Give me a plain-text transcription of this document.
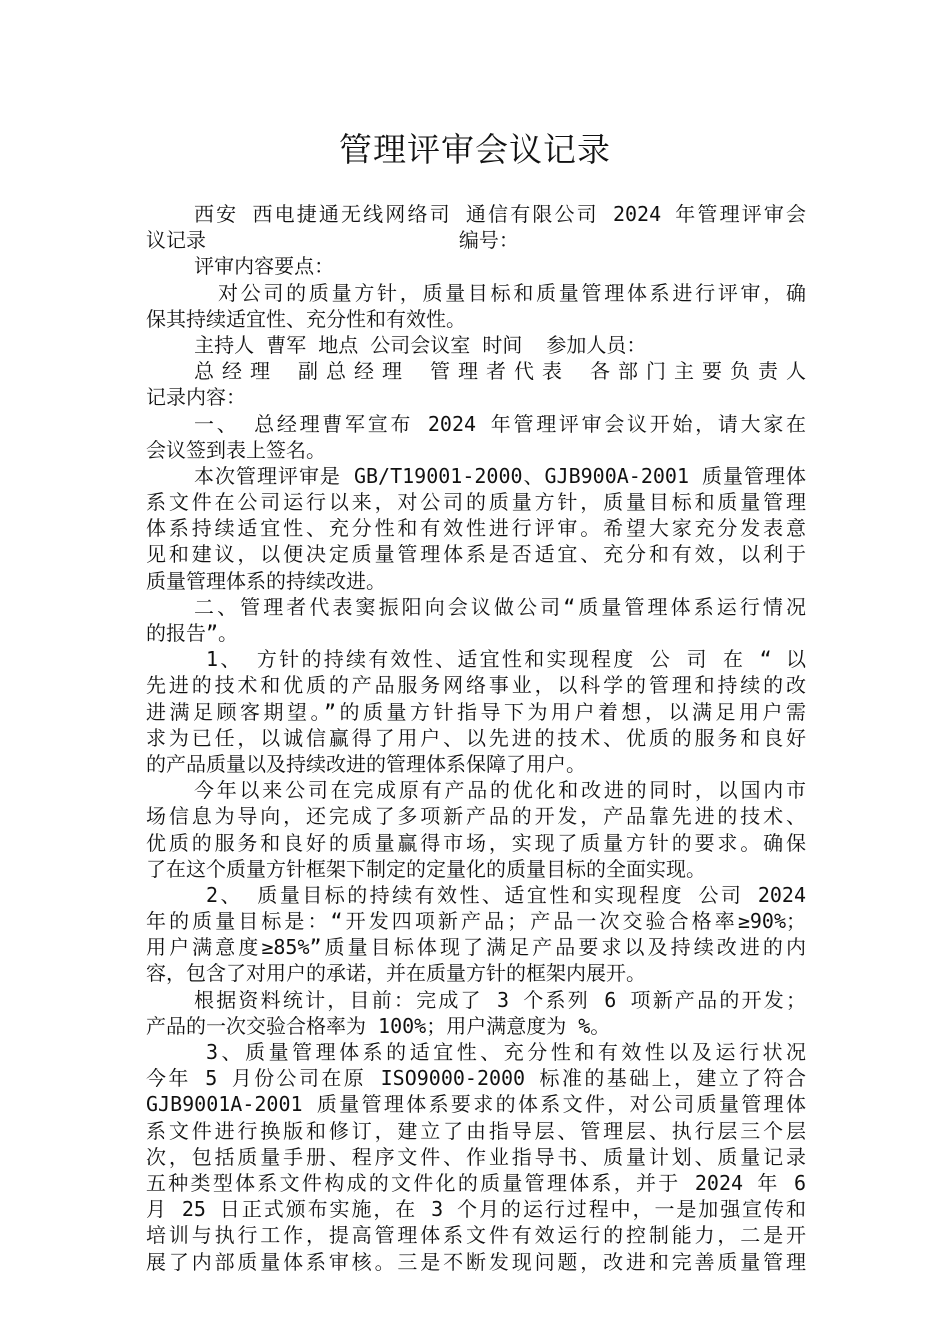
管理评审会议记录
西安 西电捷通无线网络司 通信有限公司 2024 年管理评审会
议记录                     编号：
评审内容要点：
对公司的质量方针，质量目标和质量管理体系进行评审，确
保其持续适宜性、充分性和有效性。
主持人 曹军 地点 公司会议室 时间  参加人员：
总经理 副总经理 管理者代表 各部门主要负责人
记录内容：
一、 总经理曹军宣布 2024 年管理评审会议开始，请大家在
会议签到表上签名。
本次管理评审是 GB/T19001-2000、GJB900A-2001 质量管理体
系文件在公司运行以来，对公司的质量方针，质量目标和质量管理
体系持续适宜性、充分性和有效性进行评审。希望大家充分发表意
见和建议，以便决定质量管理体系是否适宜、充分和有效，以利于
质量管理体系的持续改进。
二、管理者代表窦振阳向会议做公司“质量管理体系运行情况
的报告”。
1、 方针的持续有效性、适宜性和实现程度 公 司 在 “ 以
先进的技术和优质的产品服务网络事业，以科学的管理和持续的改
进满足顾客期望。”的质量方针指导下为用户着想，以满足用户需
求为已任，以诚信赢得了用户、以先进的技术、优质的服务和良好
的产品质量以及持续改进的管理体系保障了用户。
今年以来公司在完成原有产品的优化和改进的同时，以国内市
场信息为导向，还完成了多项新产品的开发，产品靠先进的技术、
优质的服务和良好的质量赢得市场，实现了质量方针的要求。确保
了在这个质量方针框架下制定的定量化的质量目标的全面实现。
2、 质量目标的持续有效性、适宜性和实现程度 公司 2024
年的质量目标是：“开发四项新产品；产品一次交验合格率≥90%；
用户满意度≥85%”质量目标体现了满足产品要求以及持续改进的内
容，包含了对用户的承诺，并在质量方针的框架内展开。
根据资料统计，目前：完成了 3 个系列 6 项新产品的开发；
产品的一次交验合格率为 100%；用户满意度为 %。
3、质量管理体系的适宜性、充分性和有效性以及运行状况
今年 5 月份公司在原 ISO9000-2000 标准的基础上，建立了符合
GJB9001A-2001 质量管理体系要求的体系文件，对公司质量管理体
系文件进行换版和修订，建立了由指导层、管理层、执行层三个层
次，包括质量手册、程序文件、作业指导书、质量计划、质量记录
五种类型体系文件构成的文件化的质量管理体系，并于 2024 年 6
月 25 日正式颁布实施，在 3 个月的运行过程中，一是加强宣传和
培训与执行工作，提高管理体系文件有效运行的控制能力，二是开
展了内部质量体系审核。三是不断发现问题，改进和完善质量管理
